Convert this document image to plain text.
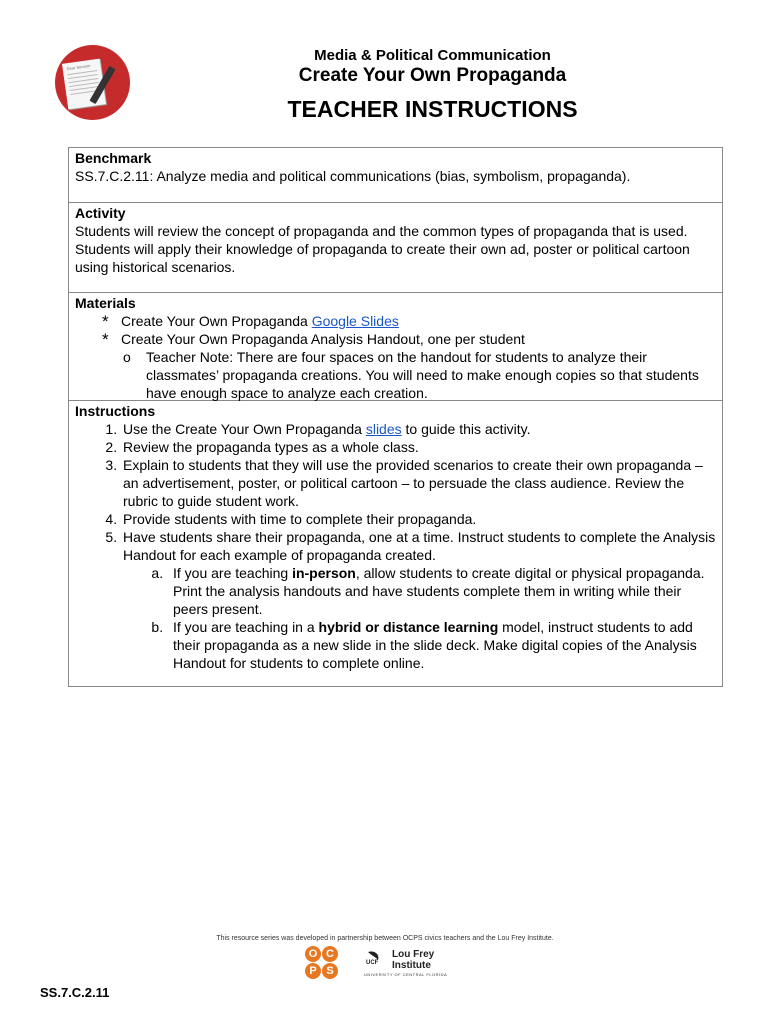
Dear Senator
Media & Political Communication
Create Your Own Propaganda
TEACHER INSTRUCTIONS
Benchmark

SS.7.C.2.11: Analyze media and political communications (bias, symbolism, propaganda).

Activity

Students will review the concept of propaganda and the common types of propaganda that is used. Students will apply their knowledge of propaganda to create their own ad, poster or political cartoon using historical scenarios.

Materials
* Create Your Own Propaganda Google Slides
* Create Your Own Propaganda Analysis Handout, one per student
o Teacher Note: There are four spaces on the handout for students to analyze their classmates’ propaganda creations. You will need to make enough copies so that students have enough space to analyze each creation.
Instructions
1. Use the Create Your Own Propaganda slides to guide this activity.
2. Review the propaganda types as a whole class.
3. Explain to students that they will use the provided scenarios to create their own propaganda – an advertisement, poster, or political cartoon – to persuade the class audience. Review the rubric to guide student work.
4. Provide students with time to complete their propaganda.
5. Have students share their propaganda, one at a time. Instruct students to complete the Analysis Handout for each example of propaganda created.
a. If you are teaching in-person, allow students to create digital or physical propaganda. Print the analysis handouts and have students complete them in writing while their peers present.
b. If you are teaching in a hybrid or distance learning model, instruct students to add their propaganda as a new slide in the slide deck. Make digital copies of the Analysis Handout for students to complete online.
This resource series was developed in partnership between OCPS civics teachers and the Lou Frey Institute.
O C
P S
UCF
Lou Frey
Institute
UNIVERSITY OF CENTRAL FLORIDA
SS.7.C.2.11
